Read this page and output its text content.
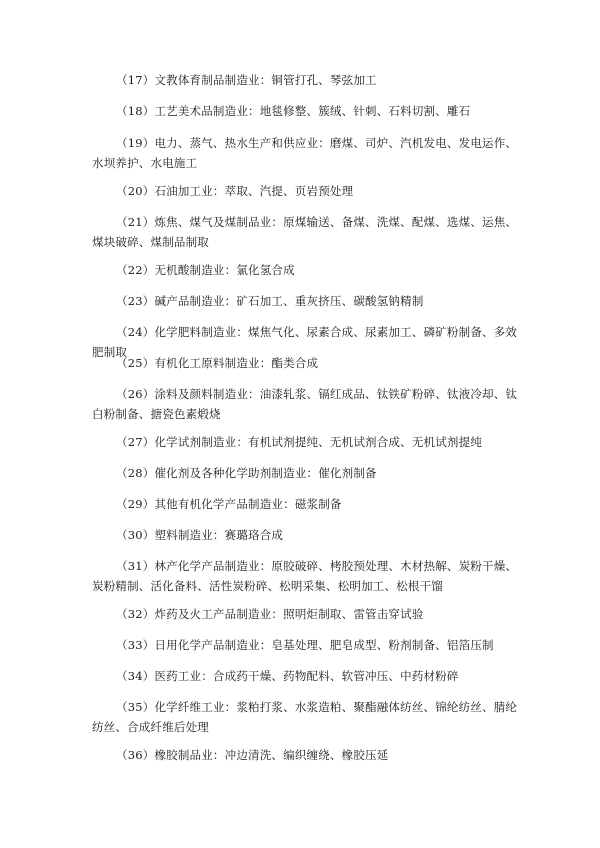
（17）文教体育制品制造业：铜管打孔、琴弦加工

（18）工艺美术品制造业：地毯修整、簇绒、针刺、石料切割、雕石

（19）电力、蒸气、热水生产和供应业：磨煤、司炉、汽机发电、发电运作、水坝养护、水电施工

（20）石油加工业：萃取、汽提、页岩预处理

（21）炼焦、煤气及煤制品业：原煤输送、备煤、洗煤、配煤、选煤、运焦、煤块破碎、煤制品制取

（22）无机酸制造业：氯化氢合成

（23）碱产品制造业：矿石加工、重灰挤压、碳酸氢钠精制

（24）化学肥料制造业：煤焦气化、尿素合成、尿素加工、磷矿粉制备、多效肥制取

（25）有机化工原料制造业：酯类合成

（26）涂料及颜料制造业：油漆轧浆、镉红成品、钛铁矿粉碎、钛液冷却、钛白粉制备、搪瓷色素煅烧

（27）化学试剂制造业：有机试剂提纯、无机试剂合成、无机试剂提纯

（28）催化剂及各种化学助剂制造业：催化剂制备

（29）其他有机化学产品制造业：磁浆制备

（30）塑料制造业：赛璐珞合成

（31）林产化学产品制造业：原胶破碎、栲胶预处理、木材热解、炭粉干燥、炭粉精制、活化备料、活性炭粉碎、松明采集、松明加工、松根干馏

（32）炸药及火工产品制造业：照明炬制取、雷管击穿试验

（33）日用化学产品制造业：皂基处理、肥皂成型、粉剂制备、铝箔压制

（34）医药工业：合成药干燥、药物配料、软管冲压、中药材粉碎

（35）化学纤维工业：浆粕打浆、水浆造粕、聚酯融体纺丝、锦纶纺丝、腈纶纺丝、合成纤维后处理

（36）橡胶制品业：冲边清洗、编织缠绕、橡胶压延
